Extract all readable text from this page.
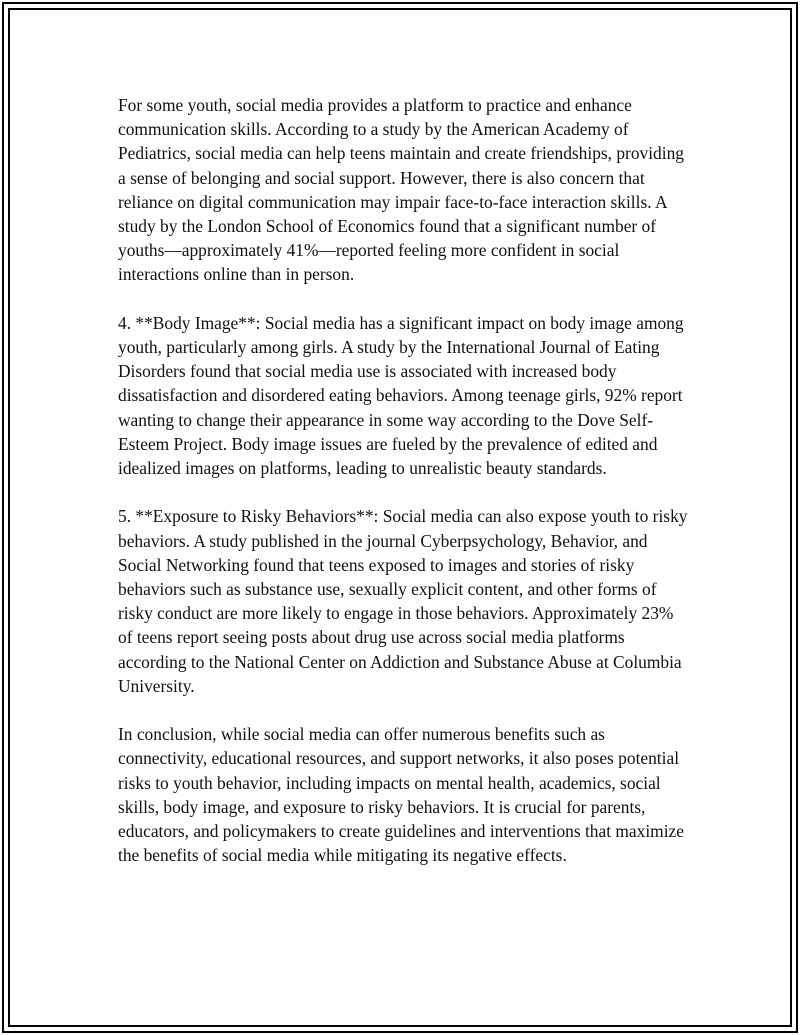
For some youth, social media provides a platform to practice and enhance communication skills. According to a study by the American Academy of Pediatrics, social media can help teens maintain and create friendships, providing a sense of belonging and social support. However, there is also concern that reliance on digital communication may impair face-to-face interaction skills. A study by the London School of Economics found that a significant number of youths—approximately 41%—reported feeling more confident in social interactions online than in person.

4. **Body Image**: Social media has a significant impact on body image among youth, particularly among girls. A study by the International Journal of Eating Disorders found that social media use is associated with increased body dissatisfaction and disordered eating behaviors. Among teenage girls, 92% report wanting to change their appearance in some way according to the Dove Self-Esteem Project. Body image issues are fueled by the prevalence of edited and idealized images on platforms, leading to unrealistic beauty standards.

5. **Exposure to Risky Behaviors**: Social media can also expose youth to risky behaviors. A study published in the journal Cyberpsychology, Behavior, and Social Networking found that teens exposed to images and stories of risky behaviors such as substance use, sexually explicit content, and other forms of risky conduct are more likely to engage in those behaviors. Approximately 23% of teens report seeing posts about drug use across social media platforms according to the National Center on Addiction and Substance Abuse at Columbia University.

In conclusion, while social media can offer numerous benefits such as connectivity, educational resources, and support networks, it also poses potential risks to youth behavior, including impacts on mental health, academics, social skills, body image, and exposure to risky behaviors. It is crucial for parents, educators, and policymakers to create guidelines and interventions that maximize the benefits of social media while mitigating its negative effects.
